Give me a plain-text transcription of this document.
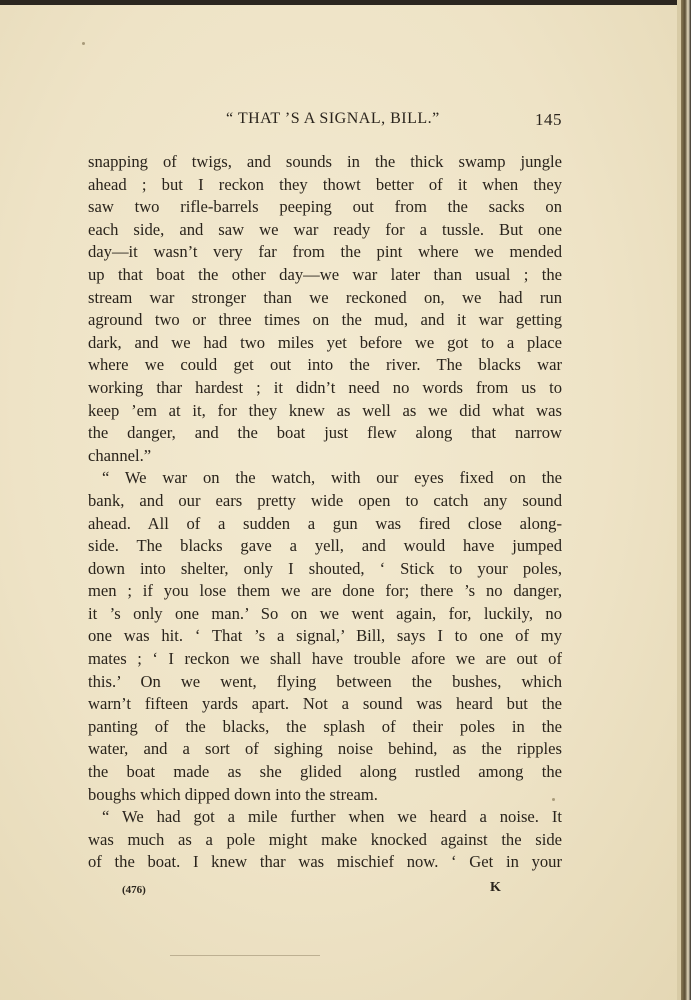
“ THAT ’S A SIGNAL, BILL.”	145
snapping of twigs, and sounds in the thick swamp jungle
ahead ; but I reckon they thowt better of it when they
saw two rifle-barrels peeping out from the sacks on
each side, and saw we war ready for a tussle. But one
day—it wasn’t very far from the pint where we mended
up that boat the other day—we war later than usual ; the
stream war stronger than we reckoned on, we had run
aground two or three times on the mud, and it war getting
dark, and we had two miles yet before we got to a place
where we could get out into the river. The blacks war
working thar hardest ; it didn’t need no words from us to
keep ’em at it, for they knew as well as we did what was
the danger, and the boat just flew along that narrow
channel.”
“ We war on the watch, with our eyes fixed on the
bank, and our ears pretty wide open to catch any sound
ahead. All of a sudden a gun was fired close along-
side. The blacks gave a yell, and would have jumped
down into shelter, only I shouted, ‘ Stick to your poles,
men ; if you lose them we are done for; there ’s no danger,
it ’s only one man.’ So on we went again, for, luckily, no
one was hit. ‘ That ’s a signal,’ Bill, says I to one of my
mates ; ‘ I reckon we shall have trouble afore we are out of
this.’ On we went, flying between the bushes, which
warn’t fifteen yards apart. Not a sound was heard but the
panting of the blacks, the splash of their poles in the
water, and a sort of sighing noise behind, as the ripples
the boat made as she glided along rustled among the
boughs which dipped down into the stream.
“ We had got a mile further when we heard a noise. It
was much as a pole might make knocked against the side
of the boat. I knew thar was mischief now. ‘ Get in your
(476)	K
